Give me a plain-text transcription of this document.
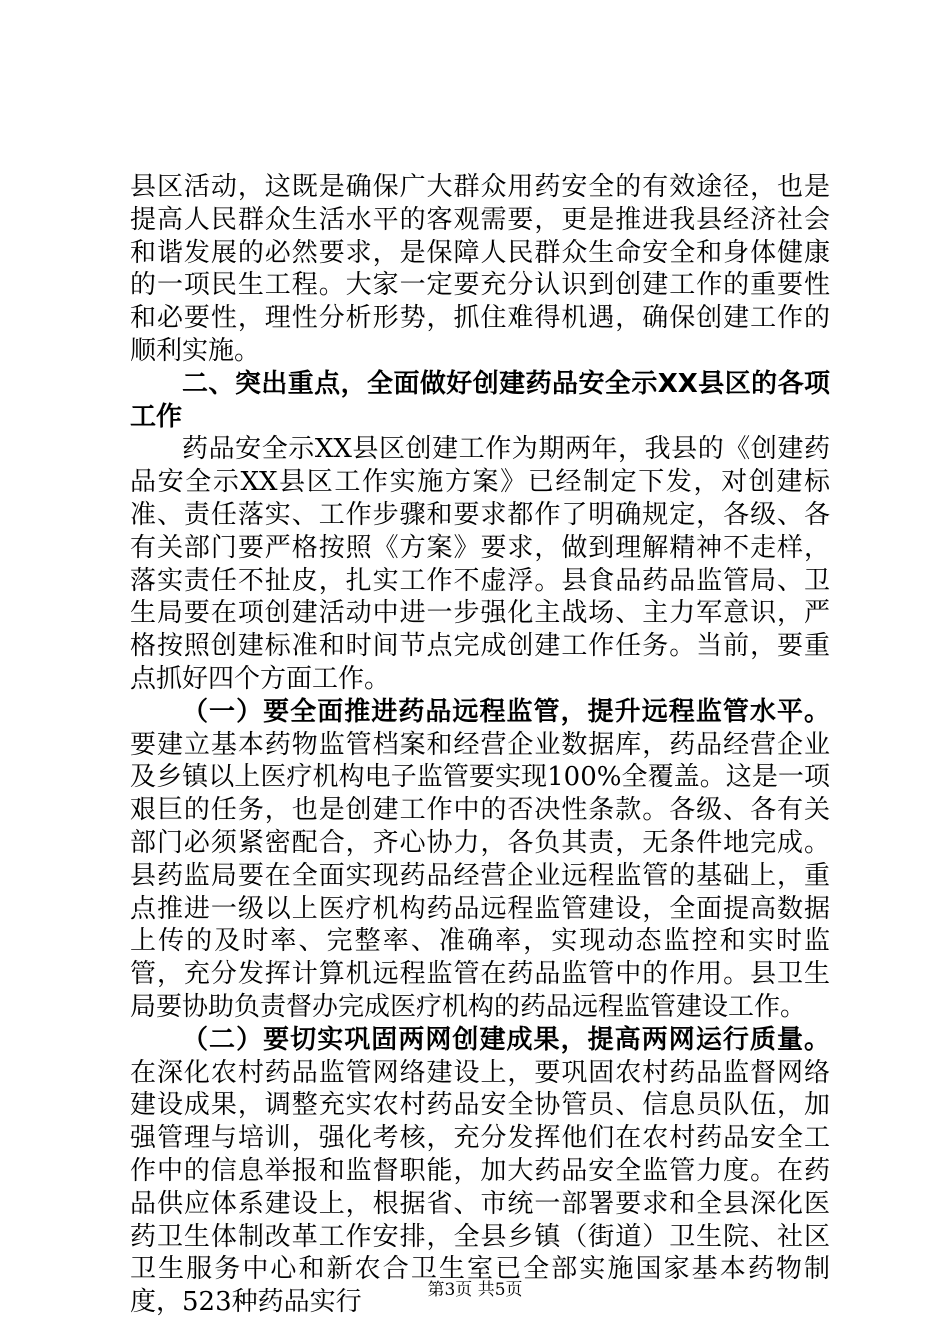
县区活动，这既是确保广大群众用药安全的有效途径，也是提高人民群众生活水平的客观需要，更是推进我县经济社会和谐发展的必然要求，是保障人民群众生命安全和身体健康的一项民生工程。大家一定要充分认识到创建工作的重要性和必要性，理性分析形势，抓住难得机遇，确保创建工作的顺利实施。

二、突出重点，全面做好创建药品安全示XX县区的各项工作

药品安全示XX县区创建工作为期两年，我县的《创建药品安全示XX县区工作实施方案》已经制定下发，对创建标准、责任落实、工作步骤和要求都作了明确规定，各级、各有关部门要严格按照《方案》要求，做到理解精神不走样，落实责任不扯皮，扎实工作不虚浮。县食品药品监管局、卫生局要在项创建活动中进一步强化主战场、主力军意识，严格按照创建标准和时间节点完成创建工作任务。当前，要重点抓好四个方面工作。

（一）要全面推进药品远程监管，提升远程监管水平。要建立基本药物监管档案和经营企业数据库，药品经营企业及乡镇以上医疗机构电子监管要实现100%全覆盖。这是一项艰巨的任务，也是创建工作中的否决性条款。各级、各有关部门必须紧密配合，齐心协力，各负其责，无条件地完成。县药监局要在全面实现药品经营企业远程监管的基础上，重点推进一级以上医疗机构药品远程监管建设，全面提高数据上传的及时率、完整率、准确率，实现动态监控和实时监管，充分发挥计算机远程监管在药品监管中的作用。县卫生局要协助负责督办完成医疗机构的药品远程监管建设工作。

（二）要切实巩固两网创建成果，提高两网运行质量。在深化农村药品监管网络建设上，要巩固农村药品监督网络建设成果，调整充实农村药品安全协管员、信息员队伍，加强管理与培训，强化考核，充分发挥他们在农村药品安全工作中的信息举报和监督职能，加大药品安全监管力度。在药品供应体系建设上，根据省、市统一部署要求和全县深化医药卫生体制改革工作安排，全县乡镇（街道）卫生院、社区卫生服务中心和新农合卫生室已全部实施国家基本药物制度，523种药品实行	第3页 共5页
